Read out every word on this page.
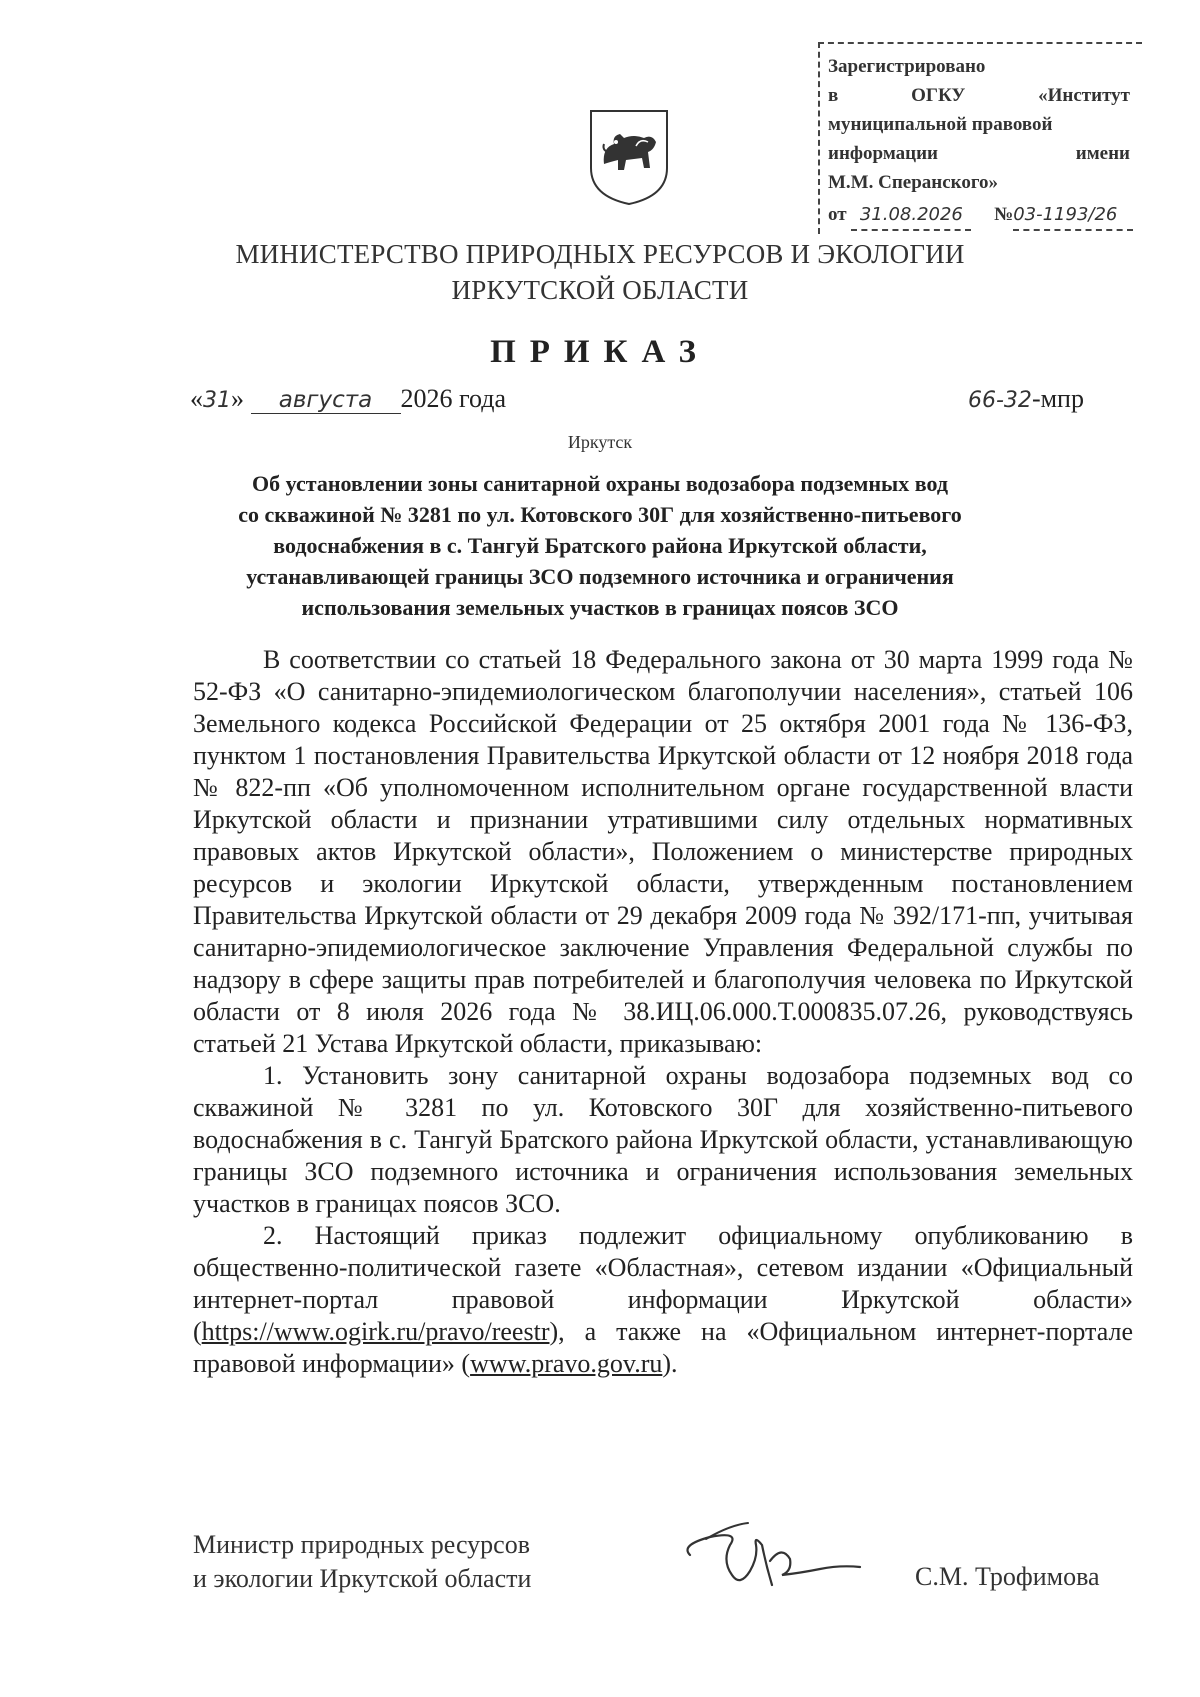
Зарегистрировано
в	ОГКУ	«Институт
муниципальной правовой
информации	имени
М.М. Сперанского»
от 31.08.2026 №03-1193/26
МИНИСТЕРСТВО ПРИРОДНЫХ РЕСУРСОВ И ЭКОЛОГИИ
ИРКУТСКОЙ ОБЛАСТИ
ПРИКАЗ
«31» августа 2026 года	66-32-мпр
Иркутск
Об установлении зоны санитарной охраны водозабора подземных вод
со скважиной № 3281 по ул. Котовского 30Г для хозяйственно-питьевого
водоснабжения в с. Тангуй Братского района Иркутской области,
устанавливающей границы ЗСО подземного источника и ограничения
использования земельных участков в границах поясов ЗСО

В соответствии со статьей 18 Федерального закона от 30 марта 1999 года № 52-ФЗ «О санитарно-эпидемиологическом благополучии населения», статьей 106 Земельного кодекса Российской Федерации от 25 октября 2001 года № 136-ФЗ, пунктом 1 постановления Правительства Иркутской области от 12 ноября 2018 года № 822-пп «Об уполномоченном исполнительном органе государственной власти Иркутской области и признании утратившими силу отдельных нормативных правовых актов Иркутской области», Положением о министерстве природных ресурсов и экологии Иркутской области, утвержденным постановлением Правительства Иркутской области от 29 декабря 2009 года № 392/171-пп, учитывая санитарно-эпидемиологическое заключение Управления Федеральной службы по надзору в сфере защиты прав потребителей и благополучия человека по Иркутской области от 8 июля 2026 года № 38.ИЦ.06.000.Т.000835.07.26, руководствуясь статьей 21 Устава Иркутской области, приказываю:

1. Установить зону санитарной охраны водозабора подземных вод со скважиной № 3281 по ул. Котовского 30Г для хозяйственно-питьевого водоснабжения в с. Тангуй Братского района Иркутской области, устанавливающую границы ЗСО подземного источника и ограничения использования земельных участков в границах поясов ЗСО.

2. Настоящий приказ подлежит официальному опубликованию в общественно-политической газете «Областная», сетевом издании «Официальный интернет-портал правовой информации Иркутской области» (https://www.ogirk.ru/pravo/reestr), а также на «Официальном интернет-портале правовой информации» (www.pravo.gov.ru).

Министр природных ресурсов
и экологии Иркутской области	С.М. Трофимова
